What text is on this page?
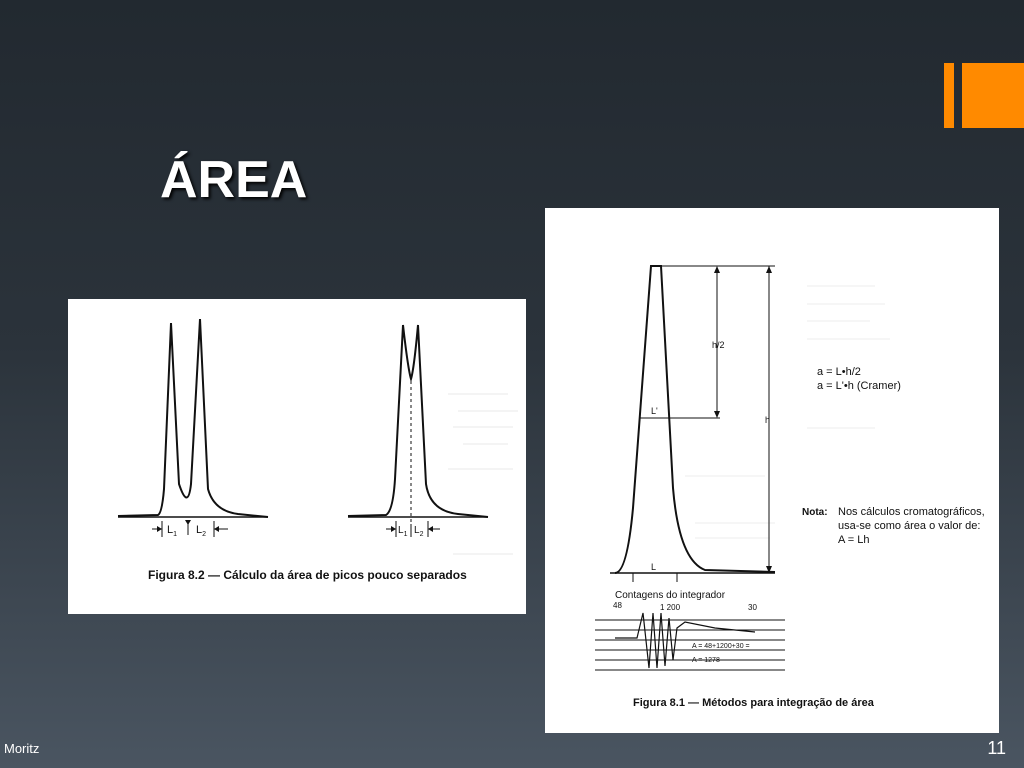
ÁREA
$L_1$ $L_2$	$L_1$ $L_2$
Figura 8.2 — Cálculo da área de picos pouco separados
h/2
h
L'
L
a = L•h/2
a = L'•h (Cramer)
Nota: Nos cálculos cromatográficos,
usa-se como área o valor de:
A = Lh
Contagens do integrador
48	1 200	30
A = 48+1200+30 =
A = 1278
Figura 8.1 — Métodos para integração de área
Moritz	11
